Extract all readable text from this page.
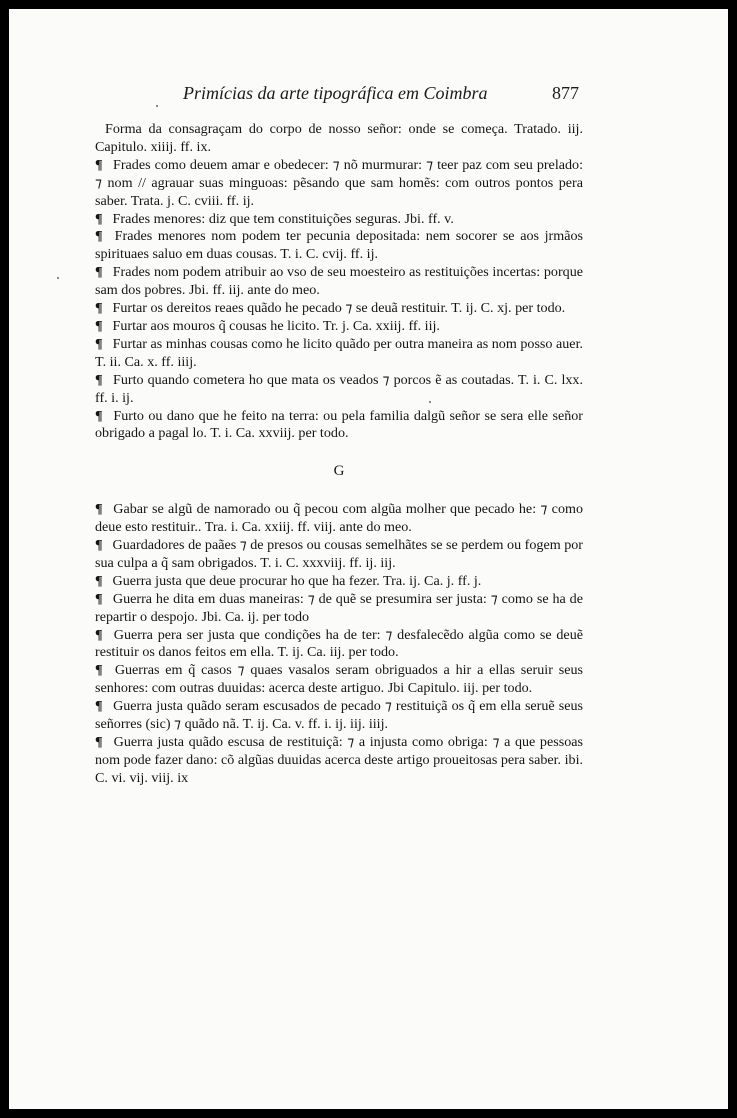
Primícias da arte tipográfica em Coimbra	877
Forma da consagraçam do corpo de nosso señor: onde se começa. Tratado. iij. Capitulo. xiiij. ff. ix.
¶ Frades como deuem amar e obedecer: ⁊ nõ murmurar: ⁊ teer paz com seu prelado: ⁊ nom // agrauar suas minguoas: pẽsando que sam homẽs: com outros pontos pera saber. Trata. j. C. cviii. ff. ij.
¶ Frades menores: diz que tem constituições seguras. Jbi. ff. v.
¶ Frades menores nom podem ter pecunia depositada: nem socorer se aos jrmãos spirituaes saluo em duas cousas. T. i. C. cvij. ff. ij.
¶ Frades nom podem atribuir ao vso de seu moesteiro as restituições incertas: porque sam dos pobres. Jbi. ff. iij. ante do meo.
¶ Furtar os dereitos reaes quãdo he pecado ⁊ se deuã restituir. T. ij. C. xj. per todo.
¶ Furtar aos mouros q̃ cousas he licito. Tr. j. Ca. xxiij. ff. iij.
¶ Furtar as minhas cousas como he licito quãdo per outra maneira as nom posso auer. T. ii. Ca. x. ff. iiij.
¶ Furto quando cometera ho que mata os veados ⁊ porcos ẽ as coutadas. T. i. C. lxx. ff. i. ij.
¶ Furto ou dano que he feito na terra: ou pela familia dalgũ señor se sera elle señor obrigado a pagal lo. T. i. Ca. xxviij. per todo.
G
¶ Gabar se algũ de namorado ou q̃ pecou com algũa molher que pecado he: ⁊ como deue esto restituir.. Tra. i. Ca. xxiij. ff. viij. ante do meo.
¶ Guardadores de paães ⁊ de presos ou cousas semelhãtes se se perdem ou fogem por sua culpa a q̃ sam obrigados. T. i. C. xxxviij. ff. ij. iij.
¶ Guerra justa que deue procurar ho que ha fezer. Tra. ij. Ca. j. ff. j.
¶ Guerra he dita em duas maneiras: ⁊ de quẽ se presumira ser justa: ⁊ como se ha de repartir o despojo. Jbi. Ca. ij. per todo
¶ Guerra pera ser justa que condições ha de ter: ⁊ desfalecẽdo algũa como se deuẽ restituir os danos feitos em ella. T. ij. Ca. iij. per todo.
¶ Guerras em q̃ casos ⁊ quaes vasalos seram obriguados a hir a ellas seruir seus senhores: com outras duuidas: acerca deste artiguo. Jbi Capitulo. iij. per todo.
¶ Guerra justa quãdo seram escusados de pecado ⁊ restituiçã os q̃ em ella seruẽ seus señorres (sic) ⁊ quãdo nã. T. ij. Ca. v. ff. i. ij. iij. iiij.
¶ Guerra justa quãdo escusa de restituiçã: ⁊ a injusta como obriga: ⁊ a que pessoas nom pode fazer dano: cõ algũas duuidas acerca deste artigo proueitosas pera saber. ibi. C. vi. vij. viij. ix
